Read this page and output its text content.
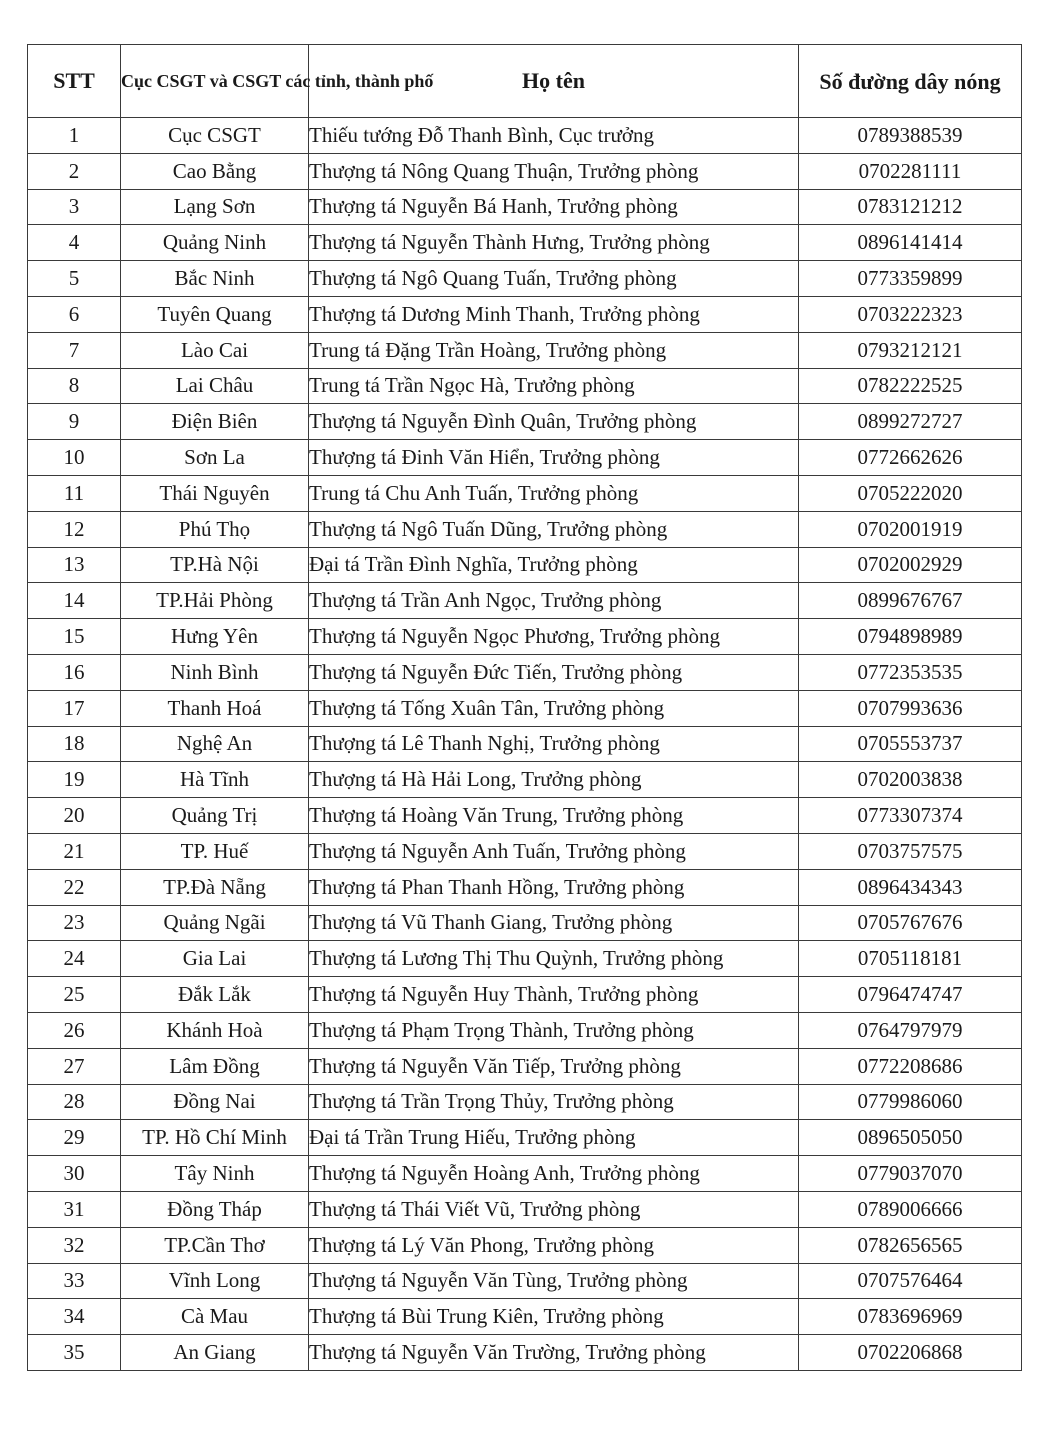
STT	Cục CSGT và CSGT các tỉnh, thành phố	Họ tên	Số đường dây nóng
1	Cục CSGT	Thiếu tướng Đỗ Thanh Bình, Cục trưởng	0789388539
2	Cao Bằng	Thượng tá Nông Quang Thuận, Trưởng phòng	0702281111
3	Lạng Sơn	Thượng tá Nguyễn Bá Hanh, Trưởng phòng	0783121212
4	Quảng Ninh	Thượng tá Nguyễn Thành Hưng, Trưởng phòng	0896141414
5	Bắc Ninh	Thượng tá Ngô Quang Tuấn, Trưởng phòng	0773359899
6	Tuyên Quang	Thượng tá Dương Minh Thanh, Trưởng phòng	0703222323
7	Lào Cai	Trung tá Đặng Trần Hoàng, Trưởng phòng	0793212121
8	Lai Châu	Trung tá Trần Ngọc Hà, Trưởng phòng	0782222525
9	Điện Biên	Thượng tá Nguyễn Đình Quân, Trưởng phòng	0899272727
10	Sơn La	Thượng tá Đinh Văn Hiển, Trưởng phòng	0772662626
11	Thái Nguyên	Trung tá Chu Anh Tuấn, Trưởng phòng	0705222020
12	Phú Thọ	Thượng tá Ngô Tuấn Dũng, Trưởng phòng	0702001919
13	TP.Hà Nội	Đại tá Trần Đình Nghĩa, Trưởng phòng	0702002929
14	TP.Hải Phòng	Thượng tá Trần Anh Ngọc, Trưởng phòng	0899676767
15	Hưng Yên	Thượng tá Nguyễn Ngọc Phương, Trưởng phòng	0794898989
16	Ninh Bình	Thượng tá Nguyễn Đức Tiến, Trưởng phòng	0772353535
17	Thanh Hoá	Thượng tá Tống Xuân Tân, Trưởng phòng	0707993636
18	Nghệ An	Thượng tá Lê Thanh Nghị, Trưởng phòng	0705553737
19	Hà Tĩnh	Thượng tá Hà Hải Long, Trưởng phòng	0702003838
20	Quảng Trị	Thượng tá Hoàng Văn Trung, Trưởng phòng	0773307374
21	TP. Huế	Thượng tá Nguyễn Anh Tuấn, Trưởng phòng	0703757575
22	TP.Đà Nẵng	Thượng tá Phan Thanh Hồng, Trưởng phòng	0896434343
23	Quảng Ngãi	Thượng tá Vũ Thanh Giang, Trưởng phòng	0705767676
24	Gia Lai	Thượng tá Lương Thị Thu Quỳnh, Trưởng phòng	0705118181
25	Đắk Lắk	Thượng tá Nguyễn Huy Thành, Trưởng phòng	0796474747
26	Khánh Hoà	Thượng tá Phạm Trọng Thành, Trưởng phòng	0764797979
27	Lâm Đồng	Thượng tá Nguyễn Văn Tiếp, Trưởng phòng	0772208686
28	Đồng Nai	Thượng tá Trần Trọng Thủy, Trưởng phòng	0779986060
29	TP. Hồ Chí Minh	Đại tá Trần Trung Hiếu, Trưởng phòng	0896505050
30	Tây Ninh	Thượng tá Nguyễn Hoàng Anh, Trưởng phòng	0779037070
31	Đồng Tháp	Thượng tá Thái Viết Vũ, Trưởng phòng	0789006666
32	TP.Cần Thơ	Thượng tá Lý Văn Phong, Trưởng phòng	0782656565
33	Vĩnh Long	Thượng tá Nguyễn Văn Tùng, Trưởng phòng	0707576464
34	Cà Mau	Thượng tá Bùi Trung Kiên, Trưởng phòng	0783696969
35	An Giang	Thượng tá Nguyễn Văn Trường, Trưởng phòng	0702206868
